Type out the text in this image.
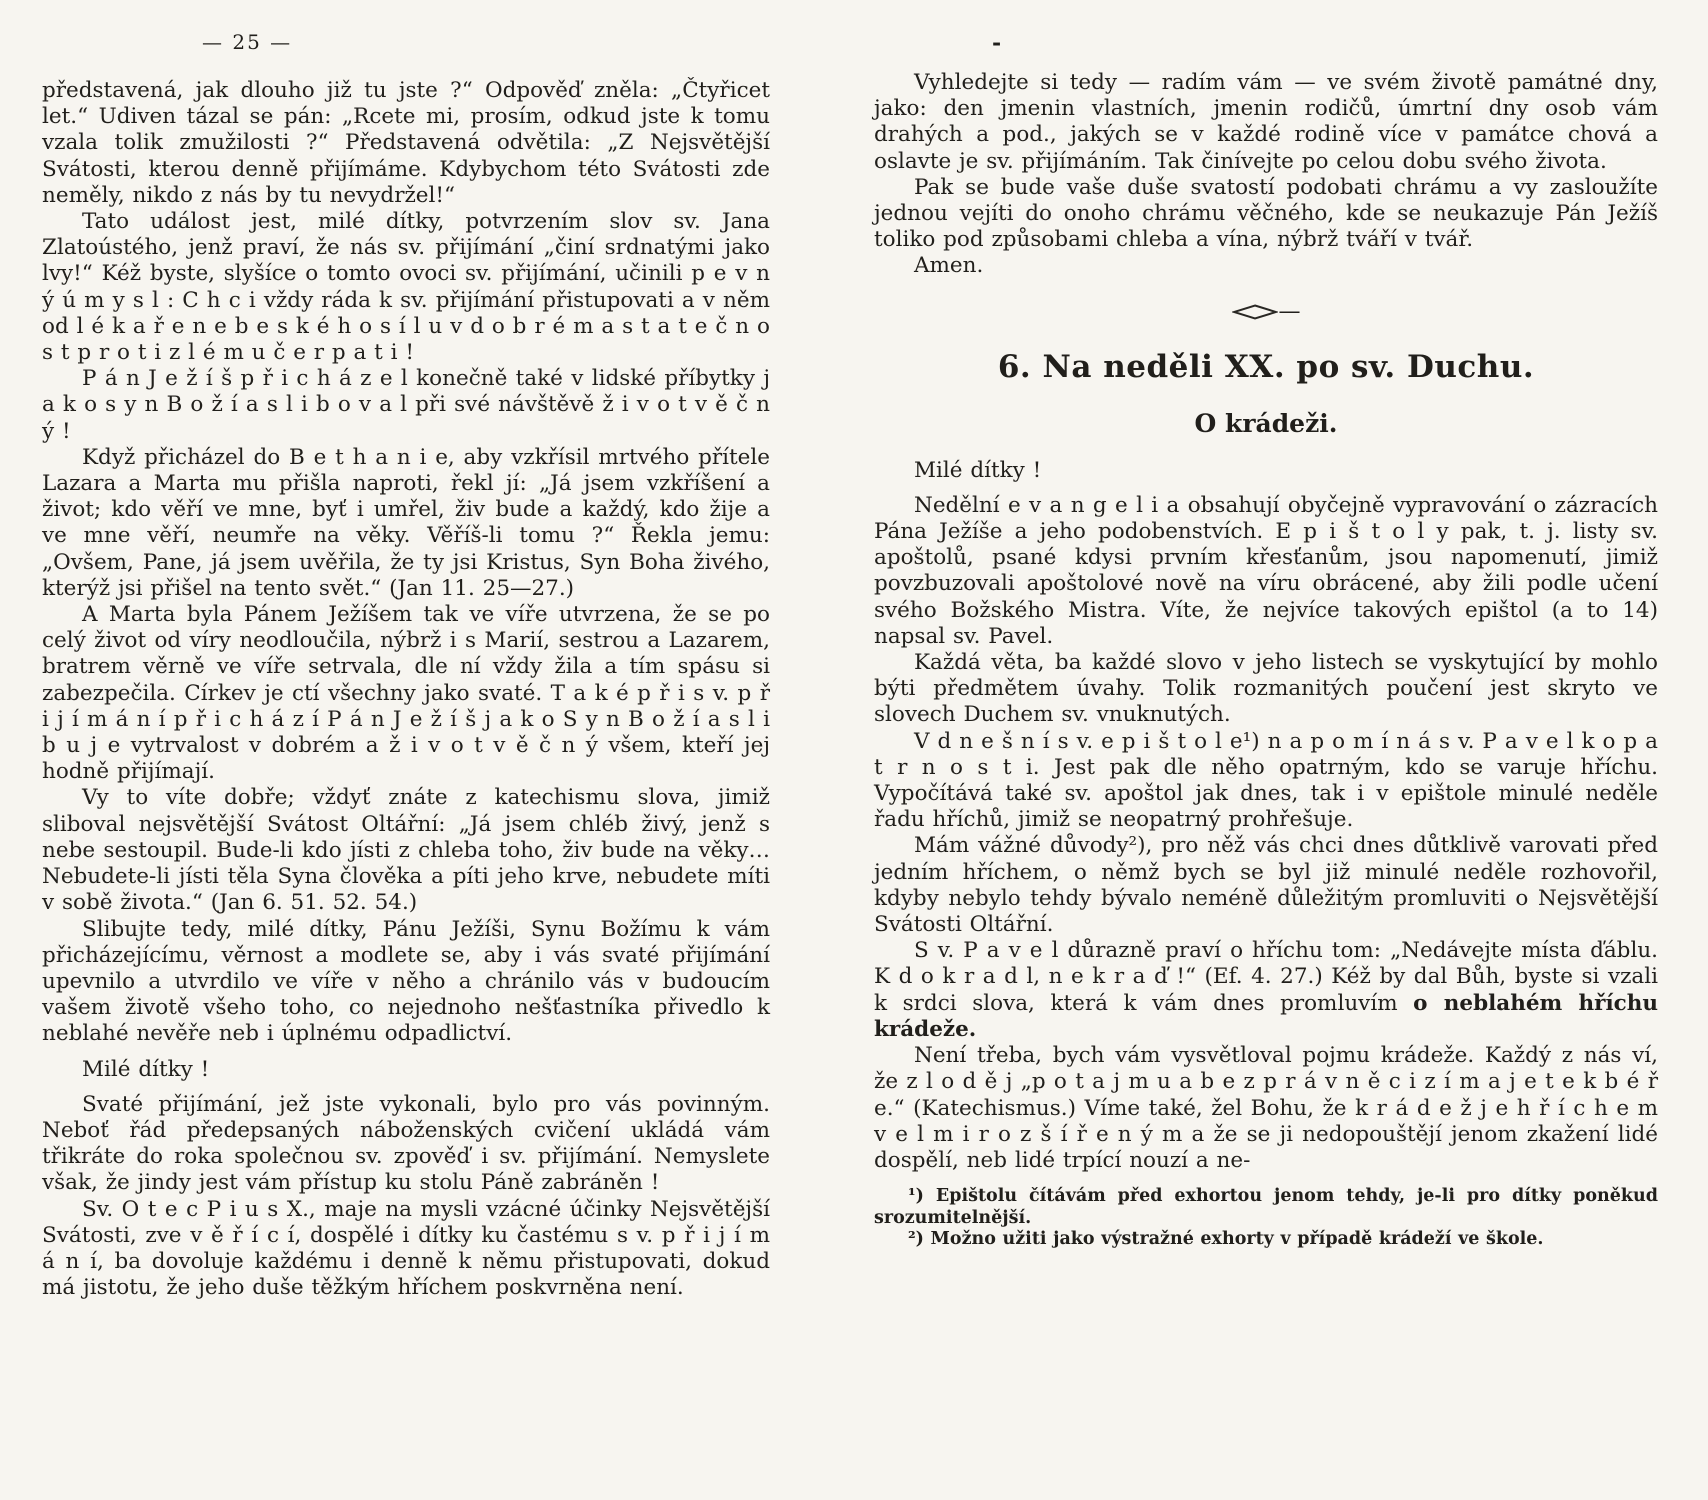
— 25 —

představená, jak dlouho již tu jste ?“ Odpověď zněla: „Čtyřicet let.“ Udiven tázal se pán: „Rcete mi, prosím, odkud jste k tomu vzala tolik zmužilosti ?“ Představená odvětila: „Z Nejsvětější Svátosti, kterou denně přijímáme. Kdybychom této Svátosti zde neměly, nikdo z nás by tu nevydržel!“

Tato událost jest, milé dítky, potvrzením slov sv. Jana Zlatoústého, jenž praví, že nás sv. přijímání „činí srdnatými jako lvy!“ Kéž byste, slyšíce o tomto ovoci sv. přijímání, učinili p e v n ý ú m y s l : C h c i vždy ráda k sv. přijímání přistupovati a v něm od l é k a ř e n e b e s k é h o s í l u v d o b r é m a s t a t e č n o s t p r o t i z l é m u č e r p a t i !

P á n J e ž í š p ř i c h á z e l konečně také v lidské příbytky j a k o s y n B o ž í a s l i b o v a l při své návštěvě ž i v o t v ě č n ý !

Když přicházel do B e t h a n i e, aby vzkřísil mrtvého přítele Lazara a Marta mu přišla naproti, řekl jí: „Já jsem vzkříšení a život; kdo věří ve mne, byť i umřel, živ bude a každý, kdo žije a ve mne věří, neumře na věky. Věříš-li tomu ?“ Řekla jemu: „Ovšem, Pane, já jsem uvěřila, že ty jsi Kristus, Syn Boha živého, kterýž jsi přišel na tento svět.“ (Jan 11. 25—27.)

A Marta byla Pánem Ježíšem tak ve víře utvrzena, že se po celý život od víry neodloučila, nýbrž i s Marií, sestrou a Lazarem, bratrem věrně ve víře setrvala, dle ní vždy žila a tím spásu si zabezpečila. Církev je ctí všechny jako svaté. T a k é p ř i s v. p ř i j í m á n í p ř i c h á z í P á n J e ž í š j a k o S y n B o ž í a s l i b u j e vytrvalost v dobrém a ž i v o t v ě č n ý všem, kteří jej hodně přijímají.

Vy to víte dobře; vždyť znáte z katechismu slova, jimiž sliboval nejsvětější Svátost Oltářní: „Já jsem chléb živý, jenž s nebe sestoupil. Bude-li kdo jísti z chleba toho, živ bude na věky… Nebudete-li jísti těla Syna člověka a píti jeho krve, nebudete míti v sobě života.“ (Jan 6. 51. 52. 54.)

Slibujte tedy, milé dítky, Pánu Ježíši, Synu Božímu k vám přicházejícímu, věrnost a modlete se, aby i vás svaté přijímání upevnilo a utvrdilo ve víře v něho a chránilo vás v budoucím vašem životě všeho toho, co nejednoho nešťastníka přivedlo k neblahé nevěře neb i úplnému odpadlictví.

Milé dítky !

Svaté přijímání, jež jste vykonali, bylo pro vás povinným. Neboť řád předepsaných náboženských cvičení ukládá vám třikráte do roka společnou sv. zpověď i sv. přijímání. Nemyslete však, že jindy jest vám přístup ku stolu Páně zabráněn !

Sv. O t e c P i u s X., maje na mysli vzácné účinky Nejsvětější Svátosti, zve v ě ř í c í, dospělé i dítky ku častému s v. p ř i j í m á n í, ba dovoluje každému i denně k němu přistupovati, dokud má jistotu, že jeho duše těžkým hříchem poskvrněna není.

-

Vyhledejte si tedy — radím vám — ve svém životě památné dny, jako: den jmenin vlastních, jmenin rodičů, úmrtní dny osob vám drahých a pod., jakých se v každé rodině více v památce chová a oslavte je sv. přijímáním. Tak činívejte po celou dobu svého života.

Pak se bude vaše duše svatostí podobati chrámu a vy zasloužíte jednou vejíti do onoho chrámu věčného, kde se neukazuje Pán Ježíš toliko pod způsobami chleba a vína, nýbrž tváří v tvář.

Amen.

—
6. Na neděli XX. po sv. Duchu.
O krádeži.

Milé dítky !

Nedělní e v a n g e l i a obsahují obyčejně vypravování o zázracích Pána Ježíše a jeho podobenstvích. E p i š t o l y pak, t. j. listy sv. apoštolů, psané kdysi prvním křesťanům, jsou napomenutí, jimiž povzbuzovali apoštolové nově na víru obrácené, aby žili podle učení svého Božského Mistra. Víte, že nejvíce takových epištol (a to 14) napsal sv. Pavel.

Každá věta, ba každé slovo v jeho listech se vyskytující by mohlo býti předmětem úvahy. Tolik rozmanitých poučení jest skryto ve slovech Duchem sv. vnuknutých.

V d n e š n í s v. e p i š t o l e¹) n a p o m í n á s v. P a v e l k o p a t r n o s t i. Jest pak dle něho opatrným, kdo se varuje hříchu. Vypočítává také sv. apoštol jak dnes, tak i v epištole minulé neděle řadu hříchů, jimiž se neopatrný prohřešuje.

Mám vážné důvody²), pro něž vás chci dnes důtklivě varovati před jedním hříchem, o němž bych se byl již minulé neděle rozhovořil, kdyby nebylo tehdy bývalo neméně důležitým promluviti o Nejsvětější Svátosti Oltářní.

S v. P a v e l důrazně praví o hříchu tom: „Nedávejte místa ďáblu. K d o k r a d l, n e k r a ď !“ (Ef. 4. 27.) Kéž by dal Bůh, byste si vzali k srdci slova, která k vám dnes promluvím o neblahém hříchu krádeže.

Není třeba, bych vám vysvětloval pojmu krádeže. Každý z nás ví, že z l o d ě j „p o t a j m u a b e z p r á v n ě c i z í m a j e t e k b é ř e.“ (Katechismus.) Víme také, žel Bohu, že k r á d e ž j e h ř í c h e m v e l m i r o z š í ř e n ý m a že se ji nedopouštějí jenom zkažení lidé dospělí, neb lidé trpící nouzí a ne-

¹) Epištolu čítávám před exhortou jenom tehdy, je-li pro dítky poněkud srozumitelnější.

²) Možno užiti jako výstražné exhorty v případě krádeží ve škole.
